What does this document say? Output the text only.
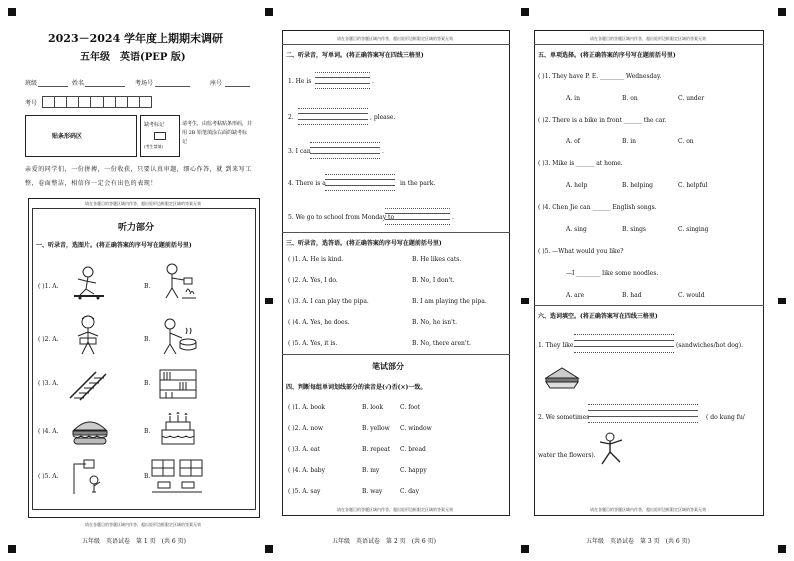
2023－2024 学年度上期期末调研
五年级　英语(PEP 版)
班级	姓名	考场号	座号
考号
贴条形码区
缺考标记
(考生禁填)
请考生，由监考粘贴条形码，并用 2B 铅笔填涂右面的缺考标记
亲爱的同学们，一份拼搏，一份收获，只要认真审题，细心作答，就 到来写工整，卷面整洁，相信你一定会有出色的表现！
请在各题目的答题区域内作答，超出矩形边框限定区域的答案无效
听力部分
一、听录音，选图片。(将正确答案的序号写在题前括号里)
( )1. A.	B.
( )2. A.	B.
( )3. A.	B.
( )4. A.	B.
( )5. A.	B.
请在各题目的答题区域内作答，超出矩形边框限定区域的答案无效
五年级　英语试卷　第 1 页　(共 6 页)
请在各题目的答题区域内作答，超出矩形边框限定区域的答案无效
二、听录音，写单词。(将正确答案写在四线三格里)
1. He is	.
2.	, please.
3. I can	.
4. There is a	in the park.
5. We go to school from Monday to	.
三、听录音，选答语。(将正确答案的序号写在题前括号里)
( )1. A. He is kind.	B. He likes cats.
( )2. A. Yes, I do.	B. No, I don't.
( )3. A. I can play the pipa.	B. I am playing the pipa.
( )4. A. Yes, he does.	B. No, he isn't.
( )5. A. Yes, it is.	B. No, there aren't.
笔试部分
四、判断每组单词划线部分的读音是(√)否(×)一致。
( )1. A. book	B. look	C. foot
( )2. A. now	B. yellow C. window
( )3. A. eat	B. repeat C. bread
( )4. A. baby	B. my	C. happy
( )5. A. say	B. way	C. day
请在各题目的答题区域内作答，超出矩形边框限定区域的答案无效
五年级　英语试卷　第 2 页　(共 6 页)
请在各题目的答题区域内作答，超出矩形边框限定区域的答案无效
五、单项选择。(将正确答案的序号写在题前括号里)
( )1. They have P. E. ________ Wednesday.
A. in	B. on	C. under
( )2. There is a bike in front ______ the car.
A. of	B. in	C. on
( )3. Mike is ______ at home.
A. help	B. helping	C. helpful
( )4. Chen Jie can ______ English songs.
A. sing	B. sings	C. singing
( )5. —What would you like?
—I ________ like some noodles.
A. are	B. had	C. would
六、选词填空。(将正确答案写在四线三格里)
1. They like	(sandwiches/hot dog).
2. We sometimes	( do kung fu/
water the flowers).
请在各题目的答题区域内作答，超出矩形边框限定区域的答案无效
五年级　英语试卷　第 3 页　(共 6 页)
